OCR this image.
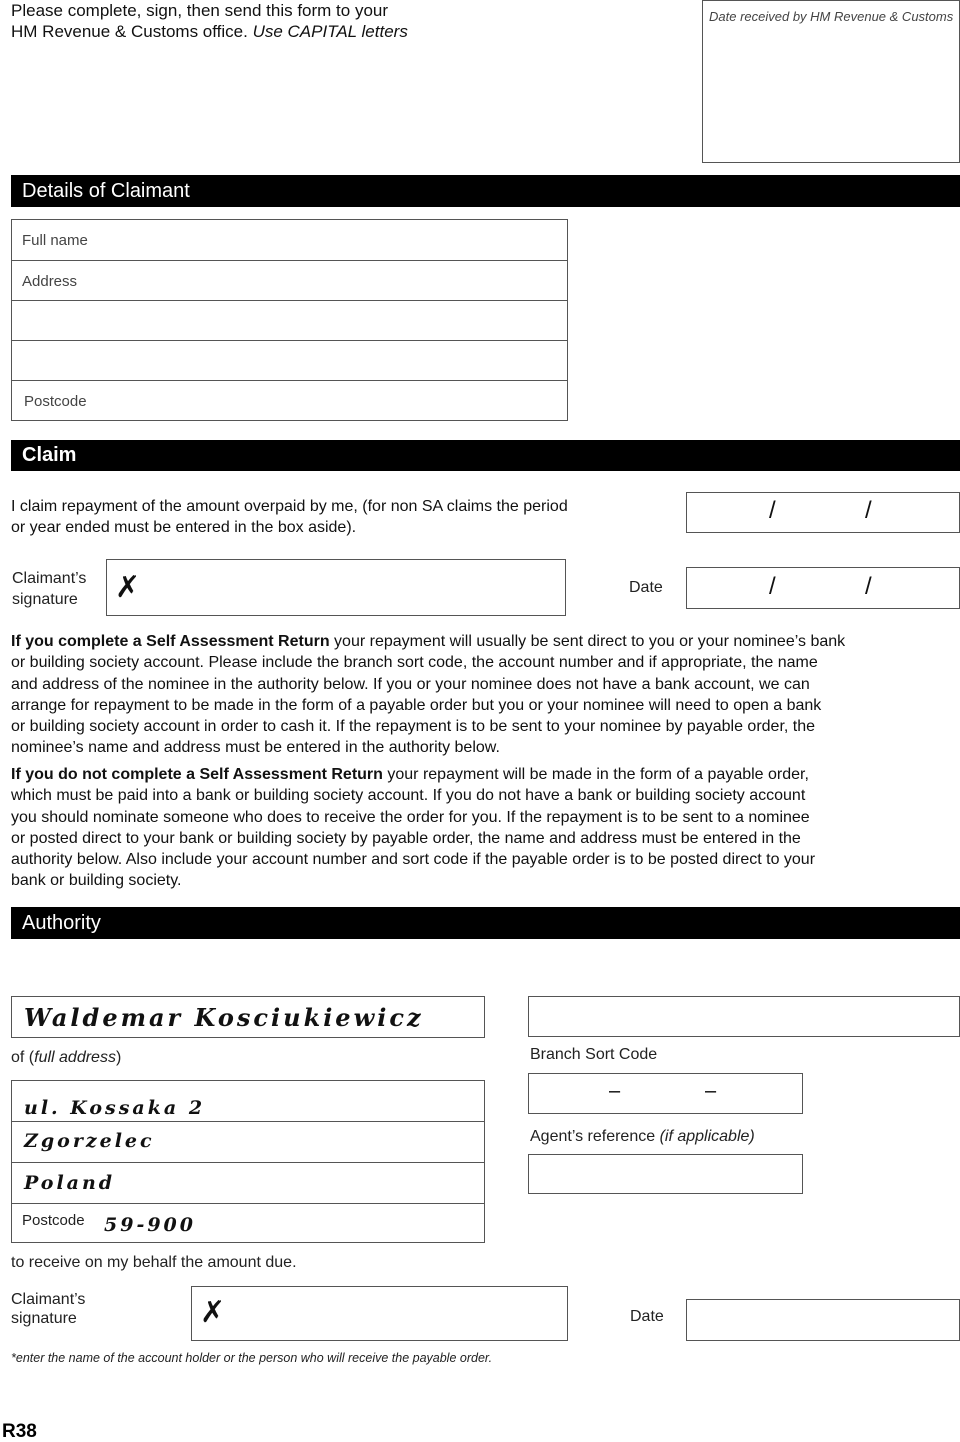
Please complete, sign, then send this form to your
HM Revenue & Customs office. Use CAPITAL letters
Date received by HM Revenue & Customs
Details of Claimant
Full name
Address
Postcode
Claim
I claim repayment of the amount overpaid by me, (for non SA claims the period
or year ended must be entered in the box aside).
/	/
Claimant’s
signature ✗	Date	/	/
If you complete a Self Assessment Return your repayment will usually be sent direct to you or your nominee’s bank
or building society account. Please include the branch sort code, the account number and if appropriate, the name
and address of the nominee in the authority below. If you or your nominee does not have a bank account, we can
arrange for repayment to be made in the form of a payable order but you or your nominee will need to open a bank
or building society account in order to cash it. If the repayment is to be sent to your nominee by payable order, the
nominee’s name and address must be entered in the authority below.
If you do not complete a Self Assessment Return your repayment will be made in the form of a payable order,
which must be paid into a bank or building society account. If you do not have a bank or building society account
you should nominate someone who does to receive the order for you. If the repayment is to be sent to a nominee
or posted direct to your bank or building society by payable order, the name and address must be entered in the
authority below. Also include your account number and sort code if the payable order is to be posted direct to your
bank or building society.
Authority
Waldemar Kosciukiewicz
of (full address)
ul. Kossaka 2
Zgorzelec
Poland
Postcode 59-900
to receive on my behalf the amount due.
Claimant’s
signature	✗
Branch Sort Code
–	–
Agent’s reference (if applicable)
Date
*enter the name of the account holder or the person who will receive the payable order.
R38
